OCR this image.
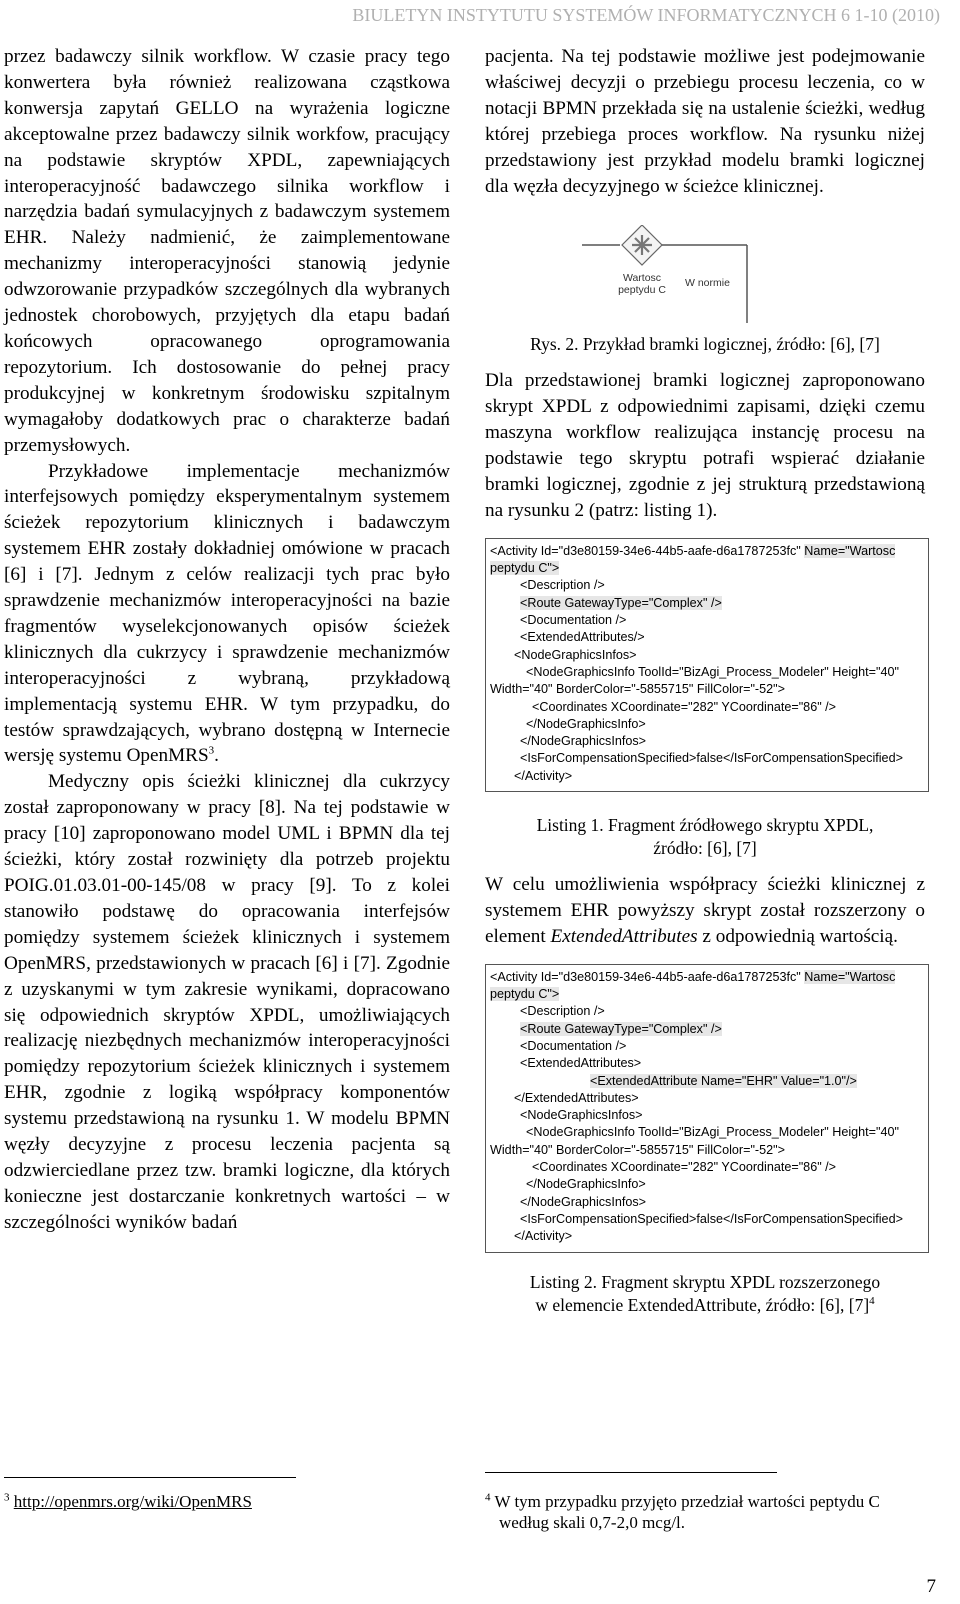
BIULETYN INSTYTUTU SYSTEMÓW INFORMATYCZNYCH 6 1-10 (2010)

przez badawczy silnik workflow. W czasie pracy tego konwertera była również realizowana cząstkowa konwersja zapytań GELLO na wyrażenia logiczne akceptowalne przez badawczy silnik workfow, pracujący na podstawie skryptów XPDL, zapewniających interoperacyjność badawczego silnika workflow i narzędzia badań symulacyjnych z badawczym systemem EHR. Należy nadmienić, że zaimplementowane mechanizmy interoperacyjności stanowią jedynie odwzorowanie przypadków szczególnych dla wybranych jednostek chorobowych, przyjętych dla etapu badań końcowych opracowanego oprogramowania repozytorium. Ich dostosowanie do pełnej pracy produkcyjnej w konkretnym środowisku szpitalnym wymagałoby dodatkowych prac o charakterze badań przemysłowych.

Przykładowe implementacje mechanizmów interfejsowych pomiędzy eksperymentalnym systemem ścieżek repozytorium klinicznych i badawczym systemem EHR zostały dokładniej omówione w pracach [6] i [7]. Jednym z celów realizacji tych prac było sprawdzenie mechanizmów interoperacyjności na bazie fragmentów wyselekcjonowanych opisów ścieżek klinicznych dla cukrzycy i sprawdzenie mechanizmów interoperacyjności z wybraną, przykładową implementacją systemu EHR. W tym przypadku, do testów sprawdzających, wybrano dostępną w Internecie wersję systemu OpenMRS$^3$.

Medyczny opis ścieżki klinicznej dla cukrzycy został zaproponowany w pracy [8]. Na tej podstawie w pracy [10] zaproponowano model UML i BPMN dla tej ścieżki, który został rozwinięty dla potrzeb projektu POIG.01.03.01-00-145/08 w pracy [9]. To z kolei stanowiło podstawę do opracowania interfejsów pomiędzy systemem ścieżek klinicznych i systemem OpenMRS, przedstawionych w pracach [6] i [7]. Zgodnie z uzyskanymi w tym zakresie wynikami, dopracowano się odpowiednich skryptów XPDL, umożliwiających realizację niezbędnych mechanizmów interoperacyjności pomiędzy repozytorium ścieżek klinicznych i systemem EHR, zgodnie z logiką współpracy komponentów systemu przedstawioną na rysunku 1. W modelu BPMN węzły decyzyjne z procesu leczenia pacjenta są odzwierciedlane przez tzw. bramki logiczne, dla których konieczne jest dostarczanie konkretnych wartości – w szczególności wyników badań

pacjenta. Na tej podstawie możliwe jest podejmowanie właściwej decyzji o przebiegu procesu leczenia, co w notacji BPMN przekłada się na ustalenie ścieżki, według której przebiega proces workflow. Na rysunku niżej przedstawiony jest przykład modelu bramki logicznej dla węzła decyzyjnego w ścieżce klinicznej.

Wartosc
peptydu C
W normie
Rys. 2. Przykład bramki logicznej, źródło: [6], [7]

Dla przedstawionej bramki logicznej zaproponowano skrypt XPDL z odpowiednimi zapisami, dzięki czemu maszyna workflow realizująca instancję procesu na podstawie tego skryptu potrafi wspierać działanie bramki logicznej, zgodnie z jej strukturą przedstawioną na rysunku 2 (patrz: listing 1).

<Activity Id="d3e80159-34e6-44b5-aafe-d6a1787253fc" Name="Wartosc
peptydu C">
<Description />
<Route GatewayType="Complex" />
<Documentation />
<ExtendedAttributes/>
<NodeGraphicsInfos>
<NodeGraphicsInfo ToolId="BizAgi_Process_Modeler" Height="40"
Width="40" BorderColor="-5855715" FillColor="-52">
<Coordinates XCoordinate="282" YCoordinate="86" />
</NodeGraphicsInfo>
</NodeGraphicsInfos>
<IsForCompensationSpecified>false</IsForCompensationSpecified>
</Activity>
Listing 1. Fragment źródłowego skryptu XPDL,
źródło: [6], [7]

W celu umożliwienia współpracy ścieżki klinicznej z systemem EHR powyższy skrypt został rozszerzony o element ExtendedAttributes z odpowiednią wartością.

<Activity Id="d3e80159-34e6-44b5-aafe-d6a1787253fc" Name="Wartosc
peptydu C">
<Description />
<Route GatewayType="Complex" />
<Documentation />
<ExtendedAttributes>
<ExtendedAttribute Name="EHR" Value="1.0"/>
</ExtendedAttributes>
<NodeGraphicsInfos>
<NodeGraphicsInfo ToolId="BizAgi_Process_Modeler" Height="40"
Width="40" BorderColor="-5855715" FillColor="-52">
<Coordinates XCoordinate="282" YCoordinate="86" />
</NodeGraphicsInfo>
</NodeGraphicsInfos>
<IsForCompensationSpecified>false</IsForCompensationSpecified>
</Activity>
Listing 2. Fragment skryptu XPDL rozszerzonego
w elemencie ExtendedAttribute, źródło: [6], $[7]^4$
$^3$ http://openmrs.org/wiki/OpenMRS	$^4$ W tym przypadku przyjęto przedział wartości peptydu C według skali 0,7-2,0 mcg/l.
7
